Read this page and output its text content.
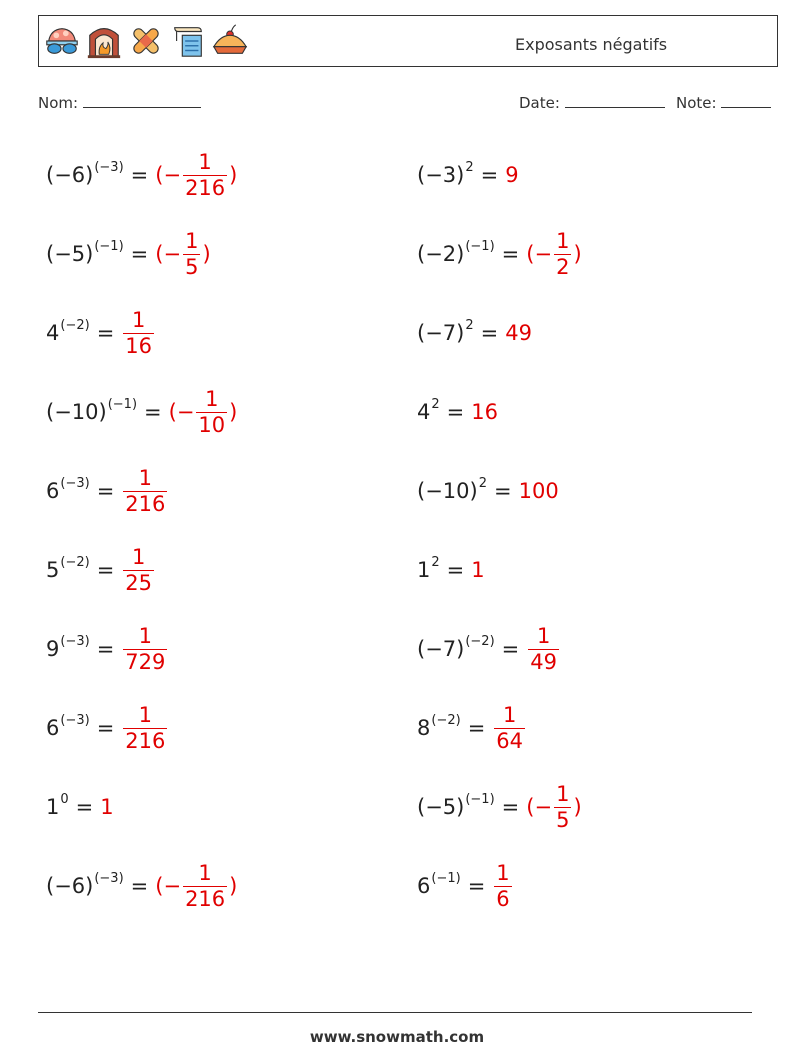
Exposants négatifs
Nom:	Date:	Note:
$(-6)^{(-3)}$ = (− $\frac{1}{216}$ )	$(-3)^2 = 9$
$(-5)^{(-1)}$ = (− $\frac{1}{5}$ )	$(-2)^{(-1)}$ = (− $\frac{1}{2}$ )
$4^{(-2)} = \frac{1}{16}$	$(-7)^2 = 49$
$(-10)^{(-1)}$ = (− $\frac{1}{10}$ )	$4^2 = 16$
$6^{(-3)} = \frac{1}{216}$	$(-10)^2 = 100$
$5^{(-2)} = \frac{1}{25}$	$1^2 = 1$
$9^{(-3)} = \frac{1}{729}$	$(-7)^{(-2)} = \frac{1}{49}$
$6^{(-3)} = \frac{1}{216}$	$8^{(-2)} = \frac{1}{64}$
$1^0 = 1$	$(-5)^{(-1)}$ = (− $\frac{1}{5}$ )
$(-6)^{(-3)}$ = (− $\frac{1}{216}$ )	$6^{(-1)} = \frac{1}{6}$
www.snowmath.com
